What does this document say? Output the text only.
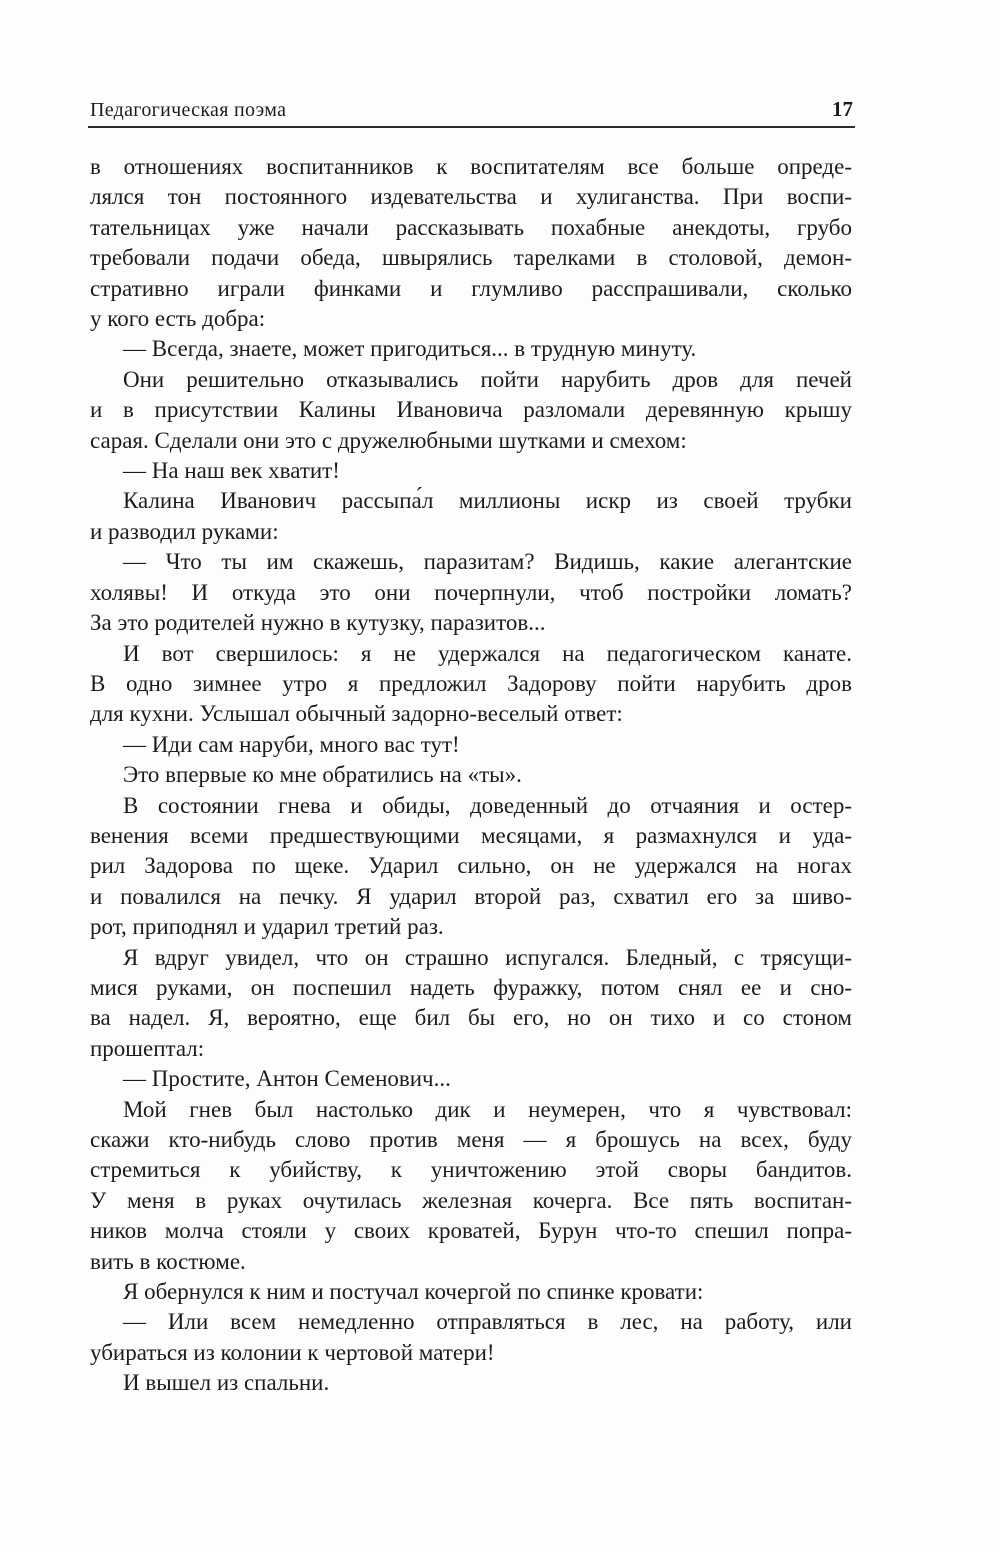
Педагогическая поэма	17

в отношениях воспитанников к воспитателям все больше опреде-
лялся тон постоянного издевательства и хулиганства. При воспи-
тательницах уже начали рассказывать похабные анекдоты, грубо
требовали подачи обеда, швырялись тарелками в столовой, демон-
стративно играли финками и глумливо расспрашивали, сколько
у кого есть добра:

— Всегда, знаете, может пригодиться... в трудную минуту.

Они решительно отказывались пойти нарубить дров для печей
и в присутствии Калины Ивановича разломали деревянную крышу
сарая. Сделали они это с дружелюбными шутками и смехом:

— На наш век хватит!

Калина Иванович рассыпа́л миллионы искр из своей трубки
и разводил руками:

— Что ты им скажешь, паразитам? Видишь, какие алегантские
холявы! И откуда это они почерпнули, чтоб постройки ломать?
За это родителей нужно в кутузку, паразитов...

И вот свершилось: я не удержался на педагогическом канате.
В одно зимнее утро я предложил Задорову пойти нарубить дров
для кухни. Услышал обычный задорно-веселый ответ:

— Иди сам наруби, много вас тут!

Это впервые ко мне обратились на «ты».

В состоянии гнева и обиды, доведенный до отчаяния и остер-
венения всеми предшествующими месяцами, я размахнулся и уда-
рил Задорова по щеке. Ударил сильно, он не удержался на ногах
и повалился на печку. Я ударил второй раз, схватил его за шиво-
рот, приподнял и ударил третий раз.

Я вдруг увидел, что он страшно испугался. Бледный, с трясущи-
мися руками, он поспешил надеть фуражку, потом снял ее и сно-
ва надел. Я, вероятно, еще бил бы его, но он тихо и со стоном
прошептал:

— Простите, Антон Семенович...

Мой гнев был настолько дик и неумерен, что я чувствовал:
скажи кто-нибудь слово против меня — я брошусь на всех, буду
стремиться к убийству, к уничтожению этой своры бандитов.
У меня в руках очутилась железная кочерга. Все пять воспитан-
ников молча стояли у своих кроватей, Бурун что-то спешил попра-
вить в костюме.

Я обернулся к ним и постучал кочергой по спинке кровати:

— Или всем немедленно отправляться в лес, на работу, или
убираться из колонии к чертовой матери!

И вышел из спальни.
